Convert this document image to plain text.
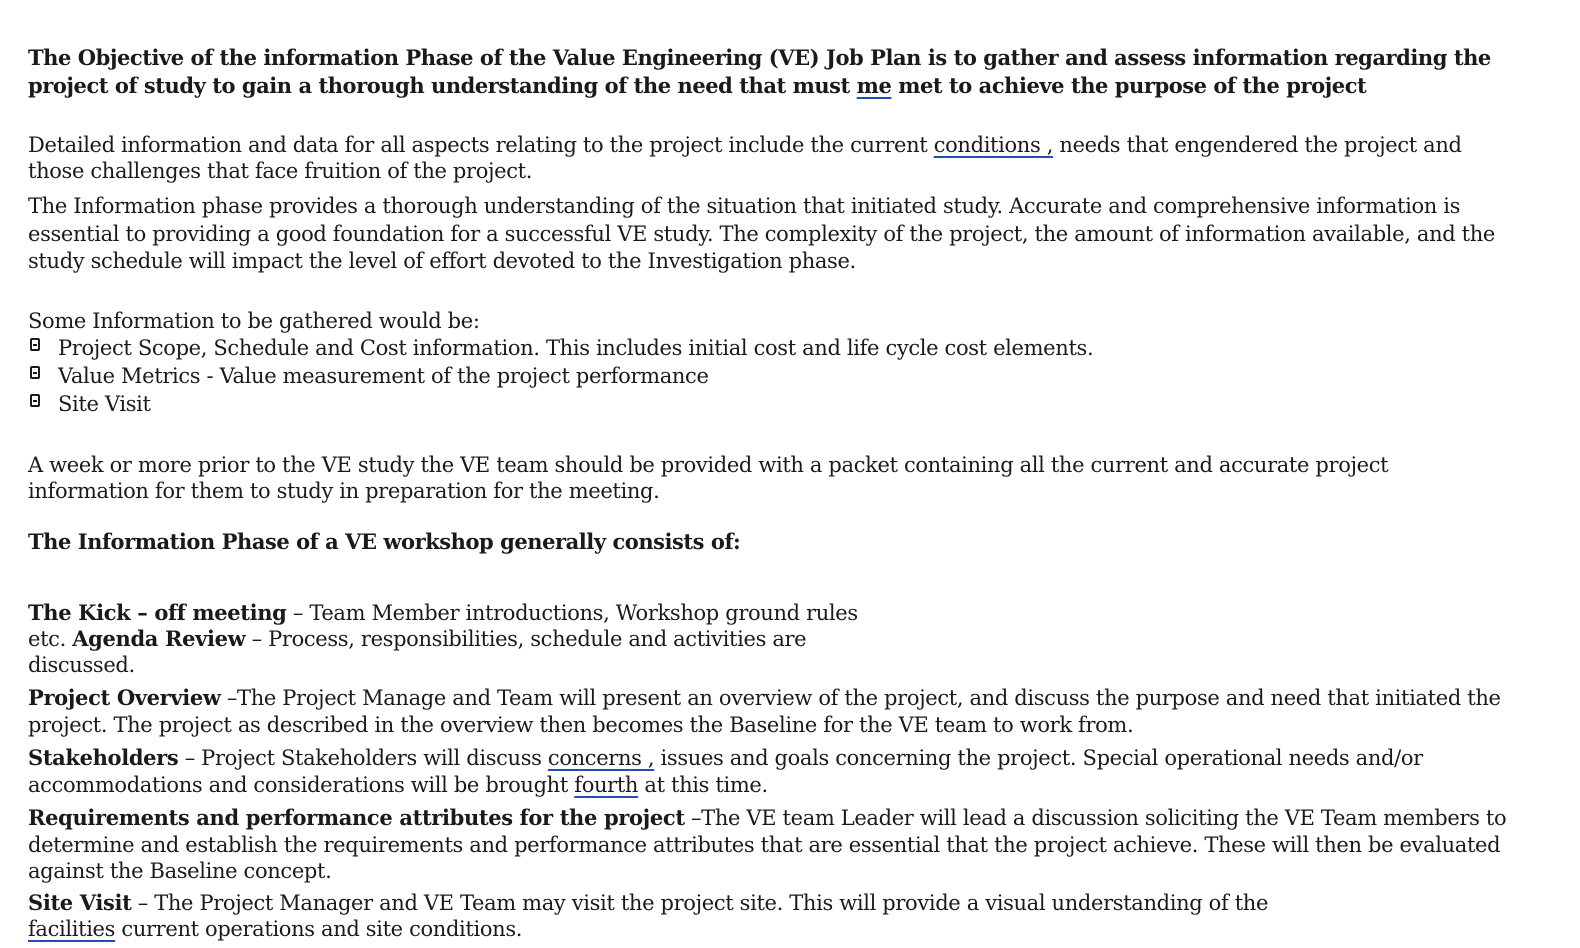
The Objective of the information Phase of the Value Engineering (VE) Job Plan is to gather and assess information regarding the
project of study to gain a thorough understanding of the need that must me met to achieve the purpose of the project
Detailed information and data for all aspects relating to the project include the current conditions , needs that engendered the project and
those challenges that face fruition of the project.
The Information phase provides a thorough understanding of the situation that initiated study. Accurate and comprehensive information is
essential to providing a good foundation for a successful VE study. The complexity of the project, the amount of information available, and the
study schedule will impact the level of effort devoted to the Investigation phase.
Some Information to be gathered would be:
Project Scope, Schedule and Cost information. This includes initial cost and life cycle cost elements.
Value Metrics - Value measurement of the project performance
Site Visit
A week or more prior to the VE study the VE team should be provided with a packet containing all the current and accurate project
information for them to study in preparation for the meeting.
The Information Phase of a VE workshop generally consists of:
The Kick – off meeting – Team Member introductions, Workshop ground rules
etc. Agenda Review – Process, responsibilities, schedule and activities are
discussed.
Project Overview –The Project Manage and Team will present an overview of the project, and discuss the purpose and need that initiated the
project. The project as described in the overview then becomes the Baseline for the VE team to work from.
Stakeholders – Project Stakeholders will discuss concerns , issues and goals concerning the project. Special operational needs and/or
accommodations and considerations will be brought fourth at this time.
Requirements and performance attributes for the project –The VE team Leader will lead a discussion soliciting the VE Team members to
determine and establish the requirements and performance attributes that are essential that the project achieve. These will then be evaluated
against the Baseline concept.
Site Visit – The Project Manager and VE Team may visit the project site. This will provide a visual understanding of the
facilities current operations and site conditions.
